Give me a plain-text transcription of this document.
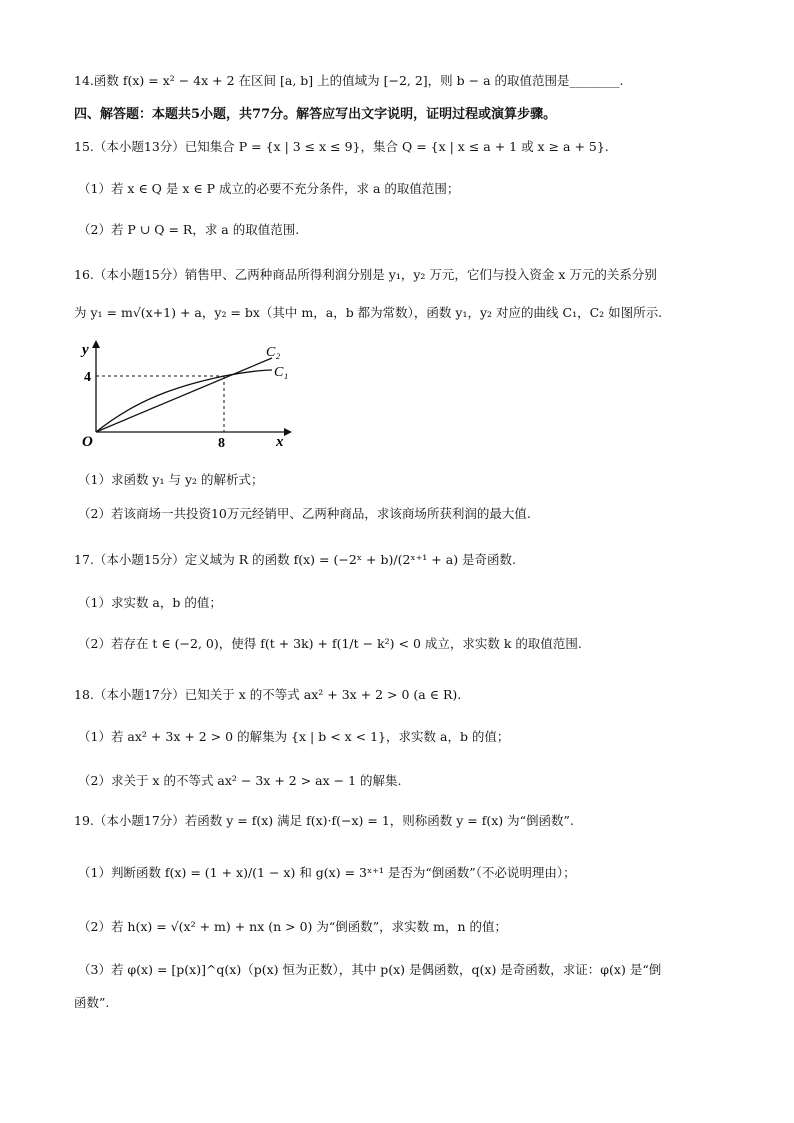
14.函数 f(x) = x² − 4x + 2 在区间 [a, b] 上的值域为 [−2, 2]，则 b − a 的取值范围是________.
四、解答题：本题共5小题，共77分。解答应写出文字说明，证明过程或演算步骤。
15.（本小题13分）已知集合 P = {x | 3 ≤ x ≤ 9}，集合 Q = {x | x ≤ a + 1 或 x ≥ a + 5}.
（1）若 x ∈ Q 是 x ∈ P 成立的必要不充分条件，求 a 的取值范围；
（2）若 P ∪ Q = R，求 a 的取值范围.
16.（本小题15分）销售甲、乙两种商品所得利润分别是 y₁，y₂ 万元，它们与投入资金 x 万元的关系分别
为 y₁ = m√(x+1) + a，y₂ = bx（其中 m，a，b 都为常数），函数 y₁，y₂ 对应的曲线 C₁，C₂ 如图所示.
y
x
O
4
8
C₂
C₁
（1）求函数 y₁ 与 y₂ 的解析式；
（2）若该商场一共投资10万元经销甲、乙两种商品，求该商场所获利润的最大值.
17.（本小题15分）定义域为 R 的函数 f(x) = (−2ˣ + b)/(2ˣ⁺¹ + a) 是奇函数.
（1）求实数 a，b 的值；
（2）若存在 t ∈ (−2, 0)，使得 f(t + 3k) + f(1/t − k²) < 0 成立，求实数 k 的取值范围.
18.（本小题17分）已知关于 x 的不等式 ax² + 3x + 2 > 0 (a ∈ R).
（1）若 ax² + 3x + 2 > 0 的解集为 {x | b < x < 1}，求实数 a，b 的值；
（2）求关于 x 的不等式 ax² − 3x + 2 > ax − 1 的解集.
19.（本小题17分）若函数 y = f(x) 满足 f(x)·f(−x) = 1，则称函数 y = f(x) 为“倒函数”.
（1）判断函数 f(x) = (1 + x)/(1 − x) 和 g(x) = 3ˣ⁺¹ 是否为“倒函数”（不必说明理由）；
（2）若 h(x) = √(x² + m) + nx (n > 0) 为“倒函数”，求实数 m，n 的值；
（3）若 φ(x) = [p(x)]^q(x)（p(x) 恒为正数），其中 p(x) 是偶函数，q(x) 是奇函数，求证：φ(x) 是“倒
函数”.
